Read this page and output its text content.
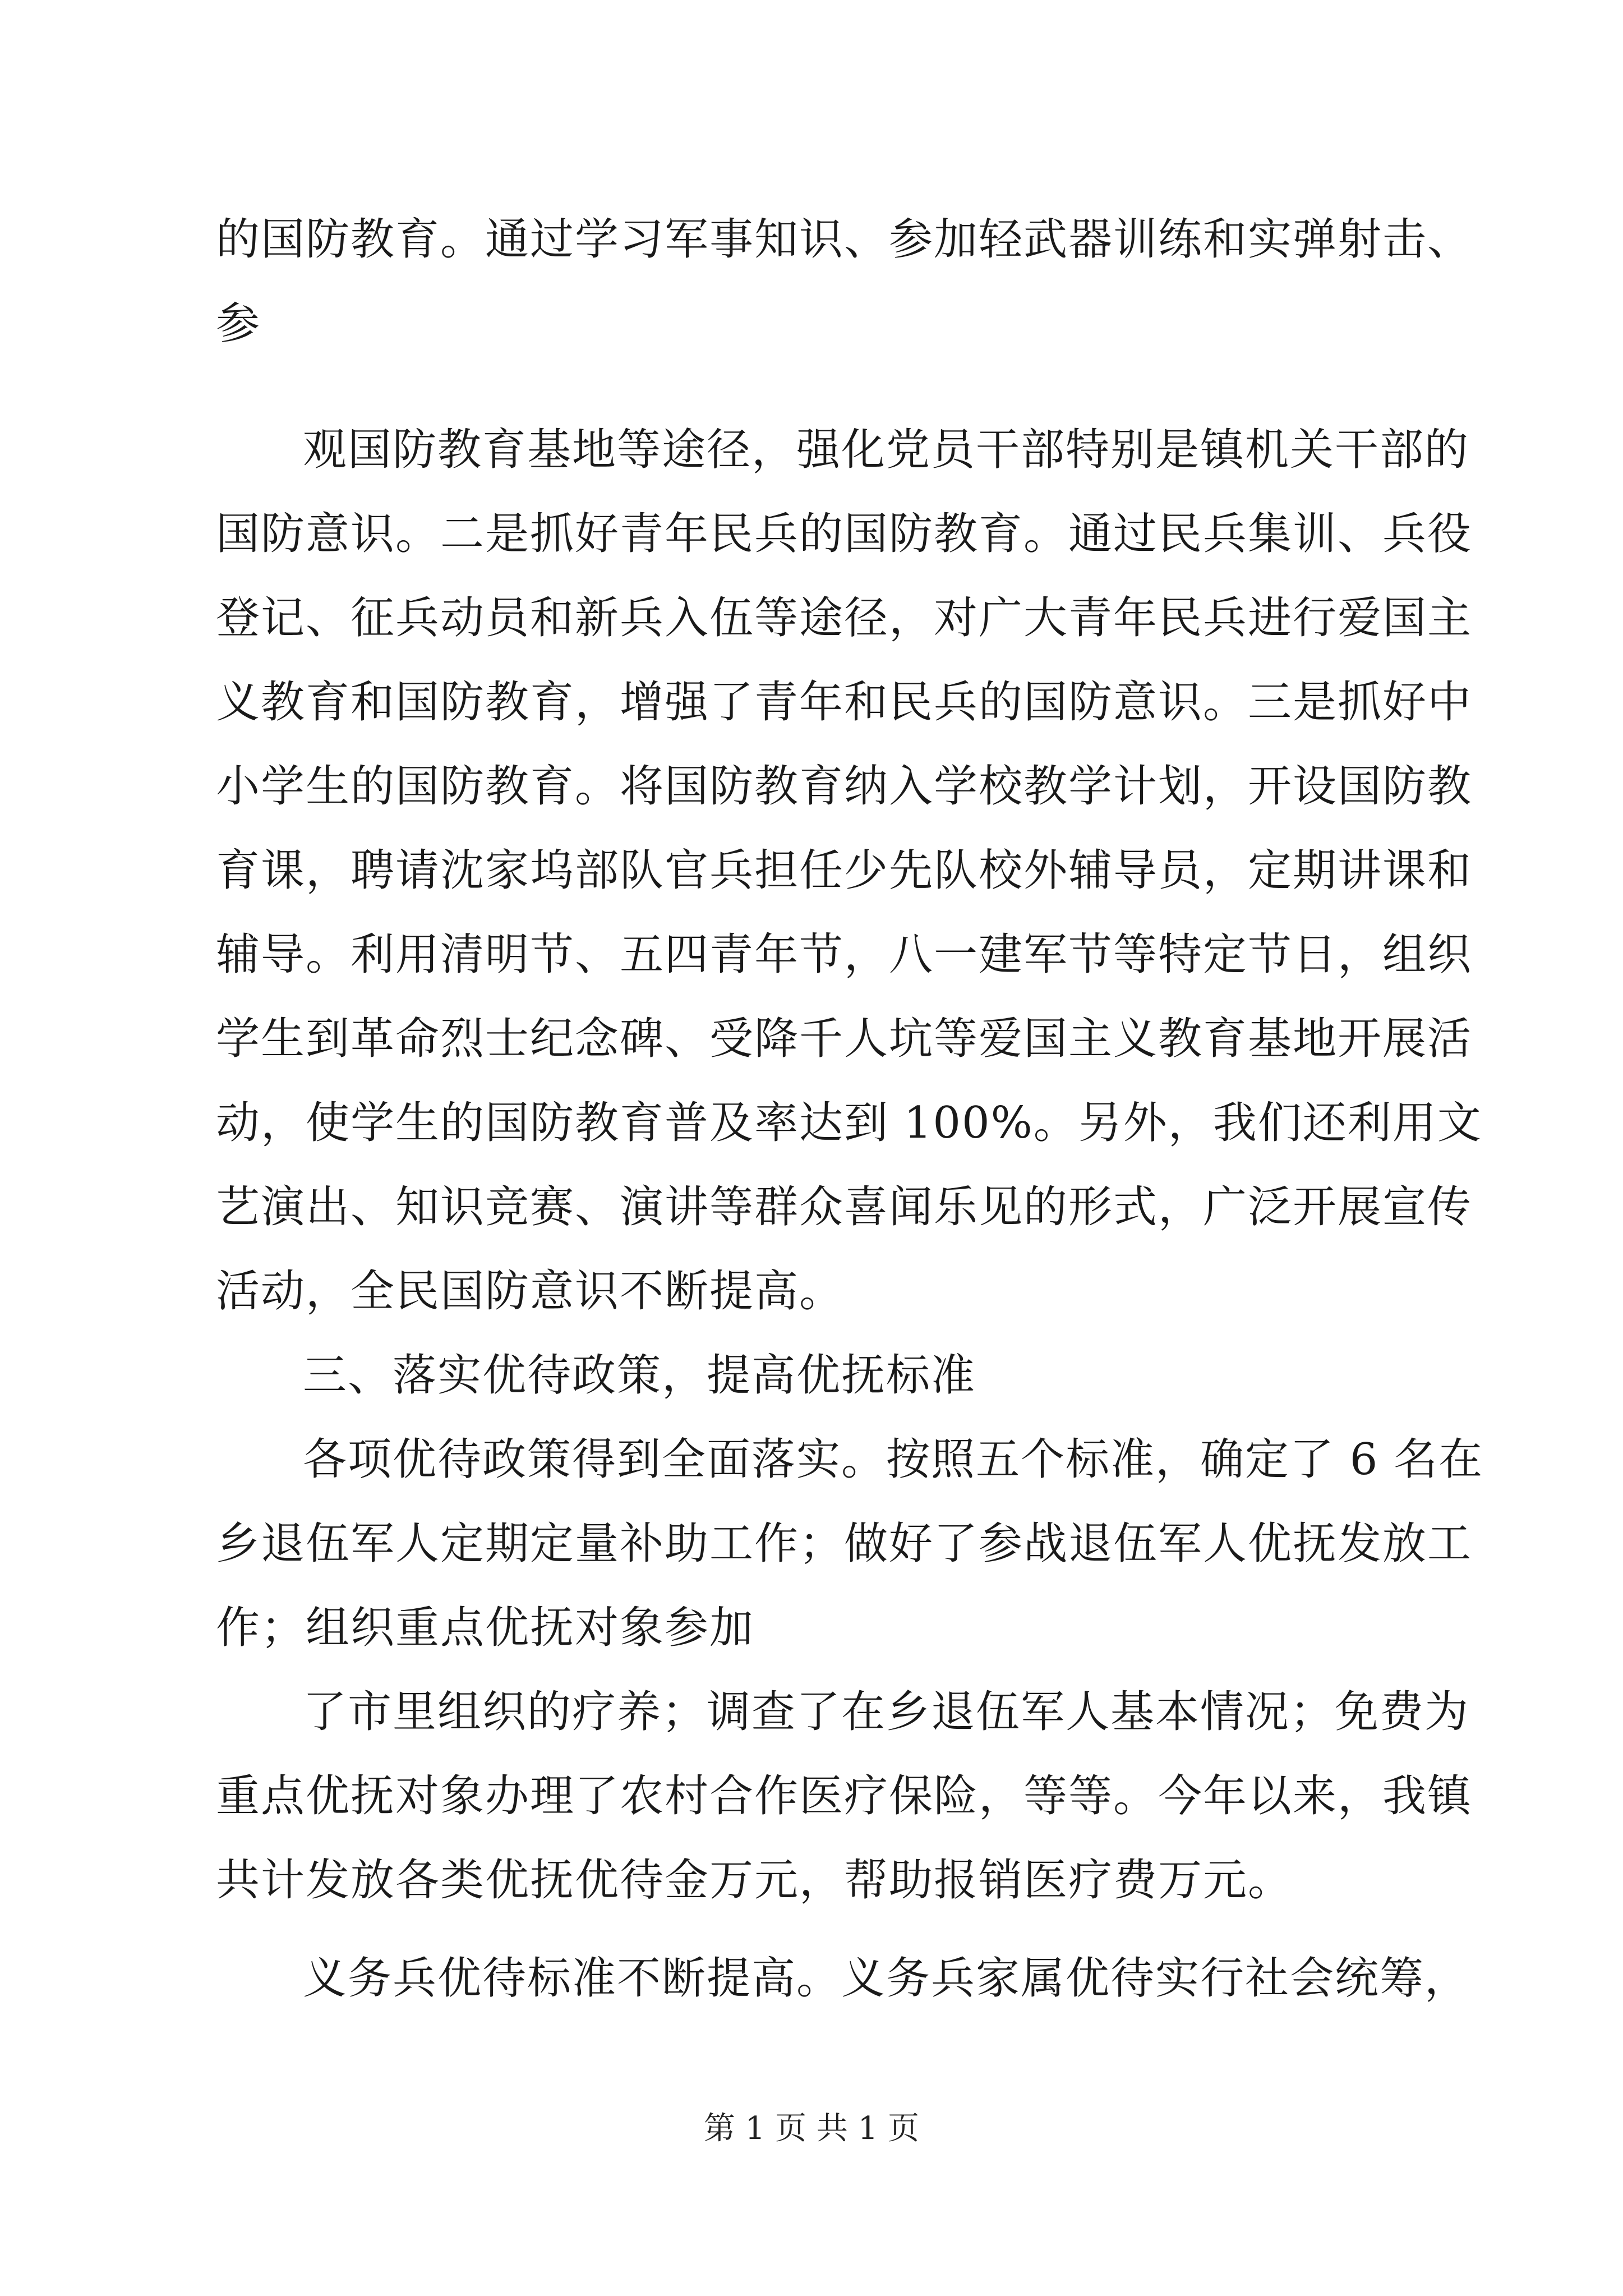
的国防教育。通过学习军事知识、参加轻武器训练和实弹射击、
参
观国防教育基地等途径，强化党员干部特别是镇机关干部的
国防意识。二是抓好青年民兵的国防教育。通过民兵集训、兵役
登记、征兵动员和新兵入伍等途径，对广大青年民兵进行爱国主
义教育和国防教育，增强了青年和民兵的国防意识。三是抓好中
小学生的国防教育。将国防教育纳入学校教学计划，开设国防教
育课，聘请沈家坞部队官兵担任少先队校外辅导员，定期讲课和
辅导。利用清明节、五四青年节，八一建军节等特定节日，组织
学生到革命烈士纪念碑、受降千人坑等爱国主义教育基地开展活
动，使学生的国防教育普及率达到 100%。另外，我们还利用文
艺演出、知识竞赛、演讲等群众喜闻乐见的形式，广泛开展宣传
活动，全民国防意识不断提高。
三、落实优待政策，提高优抚标准
各项优待政策得到全面落实。按照五个标准，确定了 6 名在
乡退伍军人定期定量补助工作；做好了参战退伍军人优抚发放工
作；组织重点优抚对象参加
了市里组织的疗养；调查了在乡退伍军人基本情况；免费为
重点优抚对象办理了农村合作医疗保险，等等。今年以来，我镇
共计发放各类优抚优待金万元，帮助报销医疗费万元。
义务兵优待标准不断提高。义务兵家属优待实行社会统筹，
第 1 页 共 1 页
